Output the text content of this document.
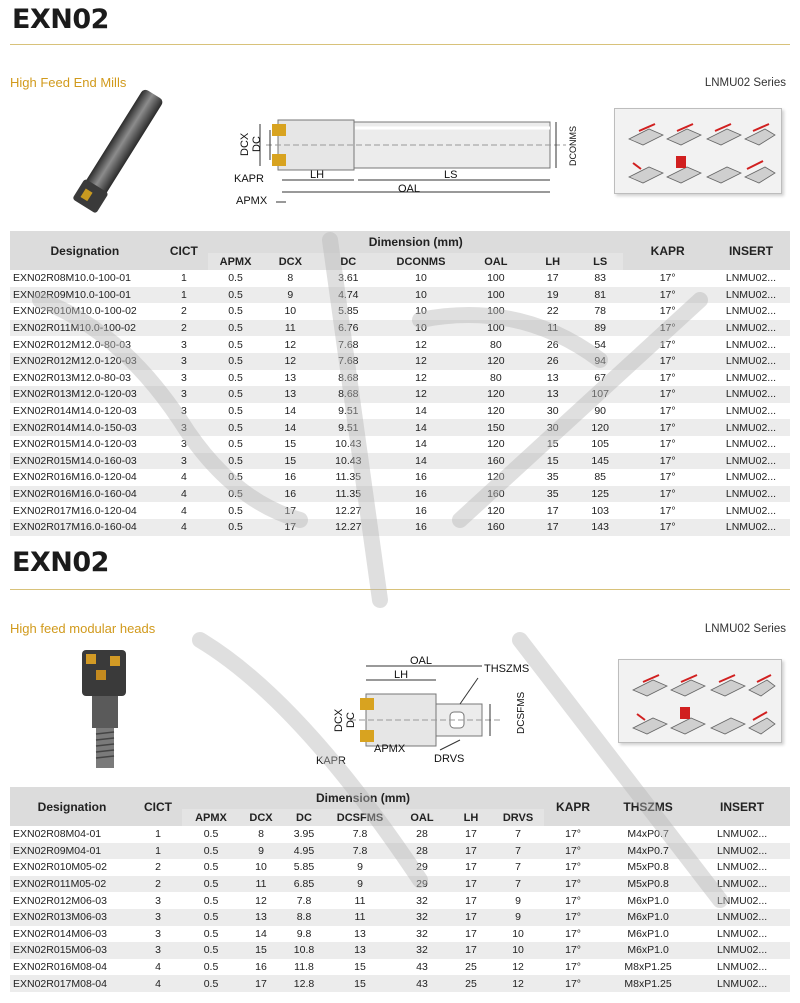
EXN02
High Feed End Mills	LNMU02 Series
DCX DC
KAPR	LH	LS
OAL
APMX
DCONMS
Designation	CICT	Dimension (mm)							KAPR	INSERT
		APMX	DCX	DC	DCONMS	OAL	LH	LS		
EXN02R08M10.0-100-01	1	0.5	8	3.61	10	100	17	83	17°	LNMU02...
EXN02R09M10.0-100-01	1	0.5	9	4.74	10	100	19	81	17°	LNMU02...
EXN02R010M10.0-100-02	2	0.5	10	5.85	10	100	22	78	17°	LNMU02...
EXN02R011M10.0-100-02	2	0.5	11	6.76	10	100	11	89	17°	LNMU02...
EXN02R012M12.0-80-03	3	0.5	12	7.68	12	80	26	54	17°	LNMU02...
EXN02R012M12.0-120-03	3	0.5	12	7.68	12	120	26	94	17°	LNMU02...
EXN02R013M12.0-80-03	3	0.5	13	8.68	12	80	13	67	17°	LNMU02...
EXN02R013M12.0-120-03	3	0.5	13	8.68	12	120	13	107	17°	LNMU02...
EXN02R014M14.0-120-03	3	0.5	14	9.51	14	120	30	90	17°	LNMU02...
EXN02R014M14.0-150-03	3	0.5	14	9.51	14	150	30	120	17°	LNMU02...
EXN02R015M14.0-120-03	3	0.5	15	10.43	14	120	15	105	17°	LNMU02...
EXN02R015M14.0-160-03	3	0.5	15	10.43	14	160	15	145	17°	LNMU02...
EXN02R016M16.0-120-04	4	0.5	16	11.35	16	120	35	85	17°	LNMU02...
EXN02R016M16.0-160-04	4	0.5	16	11.35	16	160	35	125	17°	LNMU02...
EXN02R017M16.0-120-04	4	0.5	17	12.27	16	120	17	103	17°	LNMU02...
EXN02R017M16.0-160-04	4	0.5	17	12.27	16	160	17	143	17°	LNMU02...
EXN02
High feed modular heads	LNMU02 Series
OAL
LH	THSZMS
DCX DC	DCSFMS
APMX
KAPR	DRVS
Designation	CICT	Dimension (mm)							KAPR	THSZMS	INSERT
		APMX	DCX	DC	DCSFMS	OAL	LH	DRVS			
EXN02R08M04-01	1	0.5	8	3.95	7.8	28	17	7	17°	M4xP0.7	LNMU02...
EXN02R09M04-01	1	0.5	9	4.95	7.8	28	17	7	17°	M4xP0.7	LNMU02...
EXN02R010M05-02	2	0.5	10	5.85	9	29	17	7	17°	M5xP0.8	LNMU02...
EXN02R011M05-02	2	0.5	11	6.85	9	29	17	7	17°	M5xP0.8	LNMU02...
EXN02R012M06-03	3	0.5	12	7.8	11	32	17	9	17°	M6xP1.0	LNMU02...
EXN02R013M06-03	3	0.5	13	8.8	11	32	17	9	17°	M6xP1.0	LNMU02...
EXN02R014M06-03	3	0.5	14	9.8	13	32	17	10	17°	M6xP1.0	LNMU02...
EXN02R015M06-03	3	0.5	15	10.8	13	32	17	10	17°	M6xP1.0	LNMU02...
EXN02R016M08-04	4	0.5	16	11.8	15	43	25	12	17°	M8xP1.25	LNMU02...
EXN02R017M08-04	4	0.5	17	12.8	15	43	25	12	17°	M8xP1.25	LNMU02...
